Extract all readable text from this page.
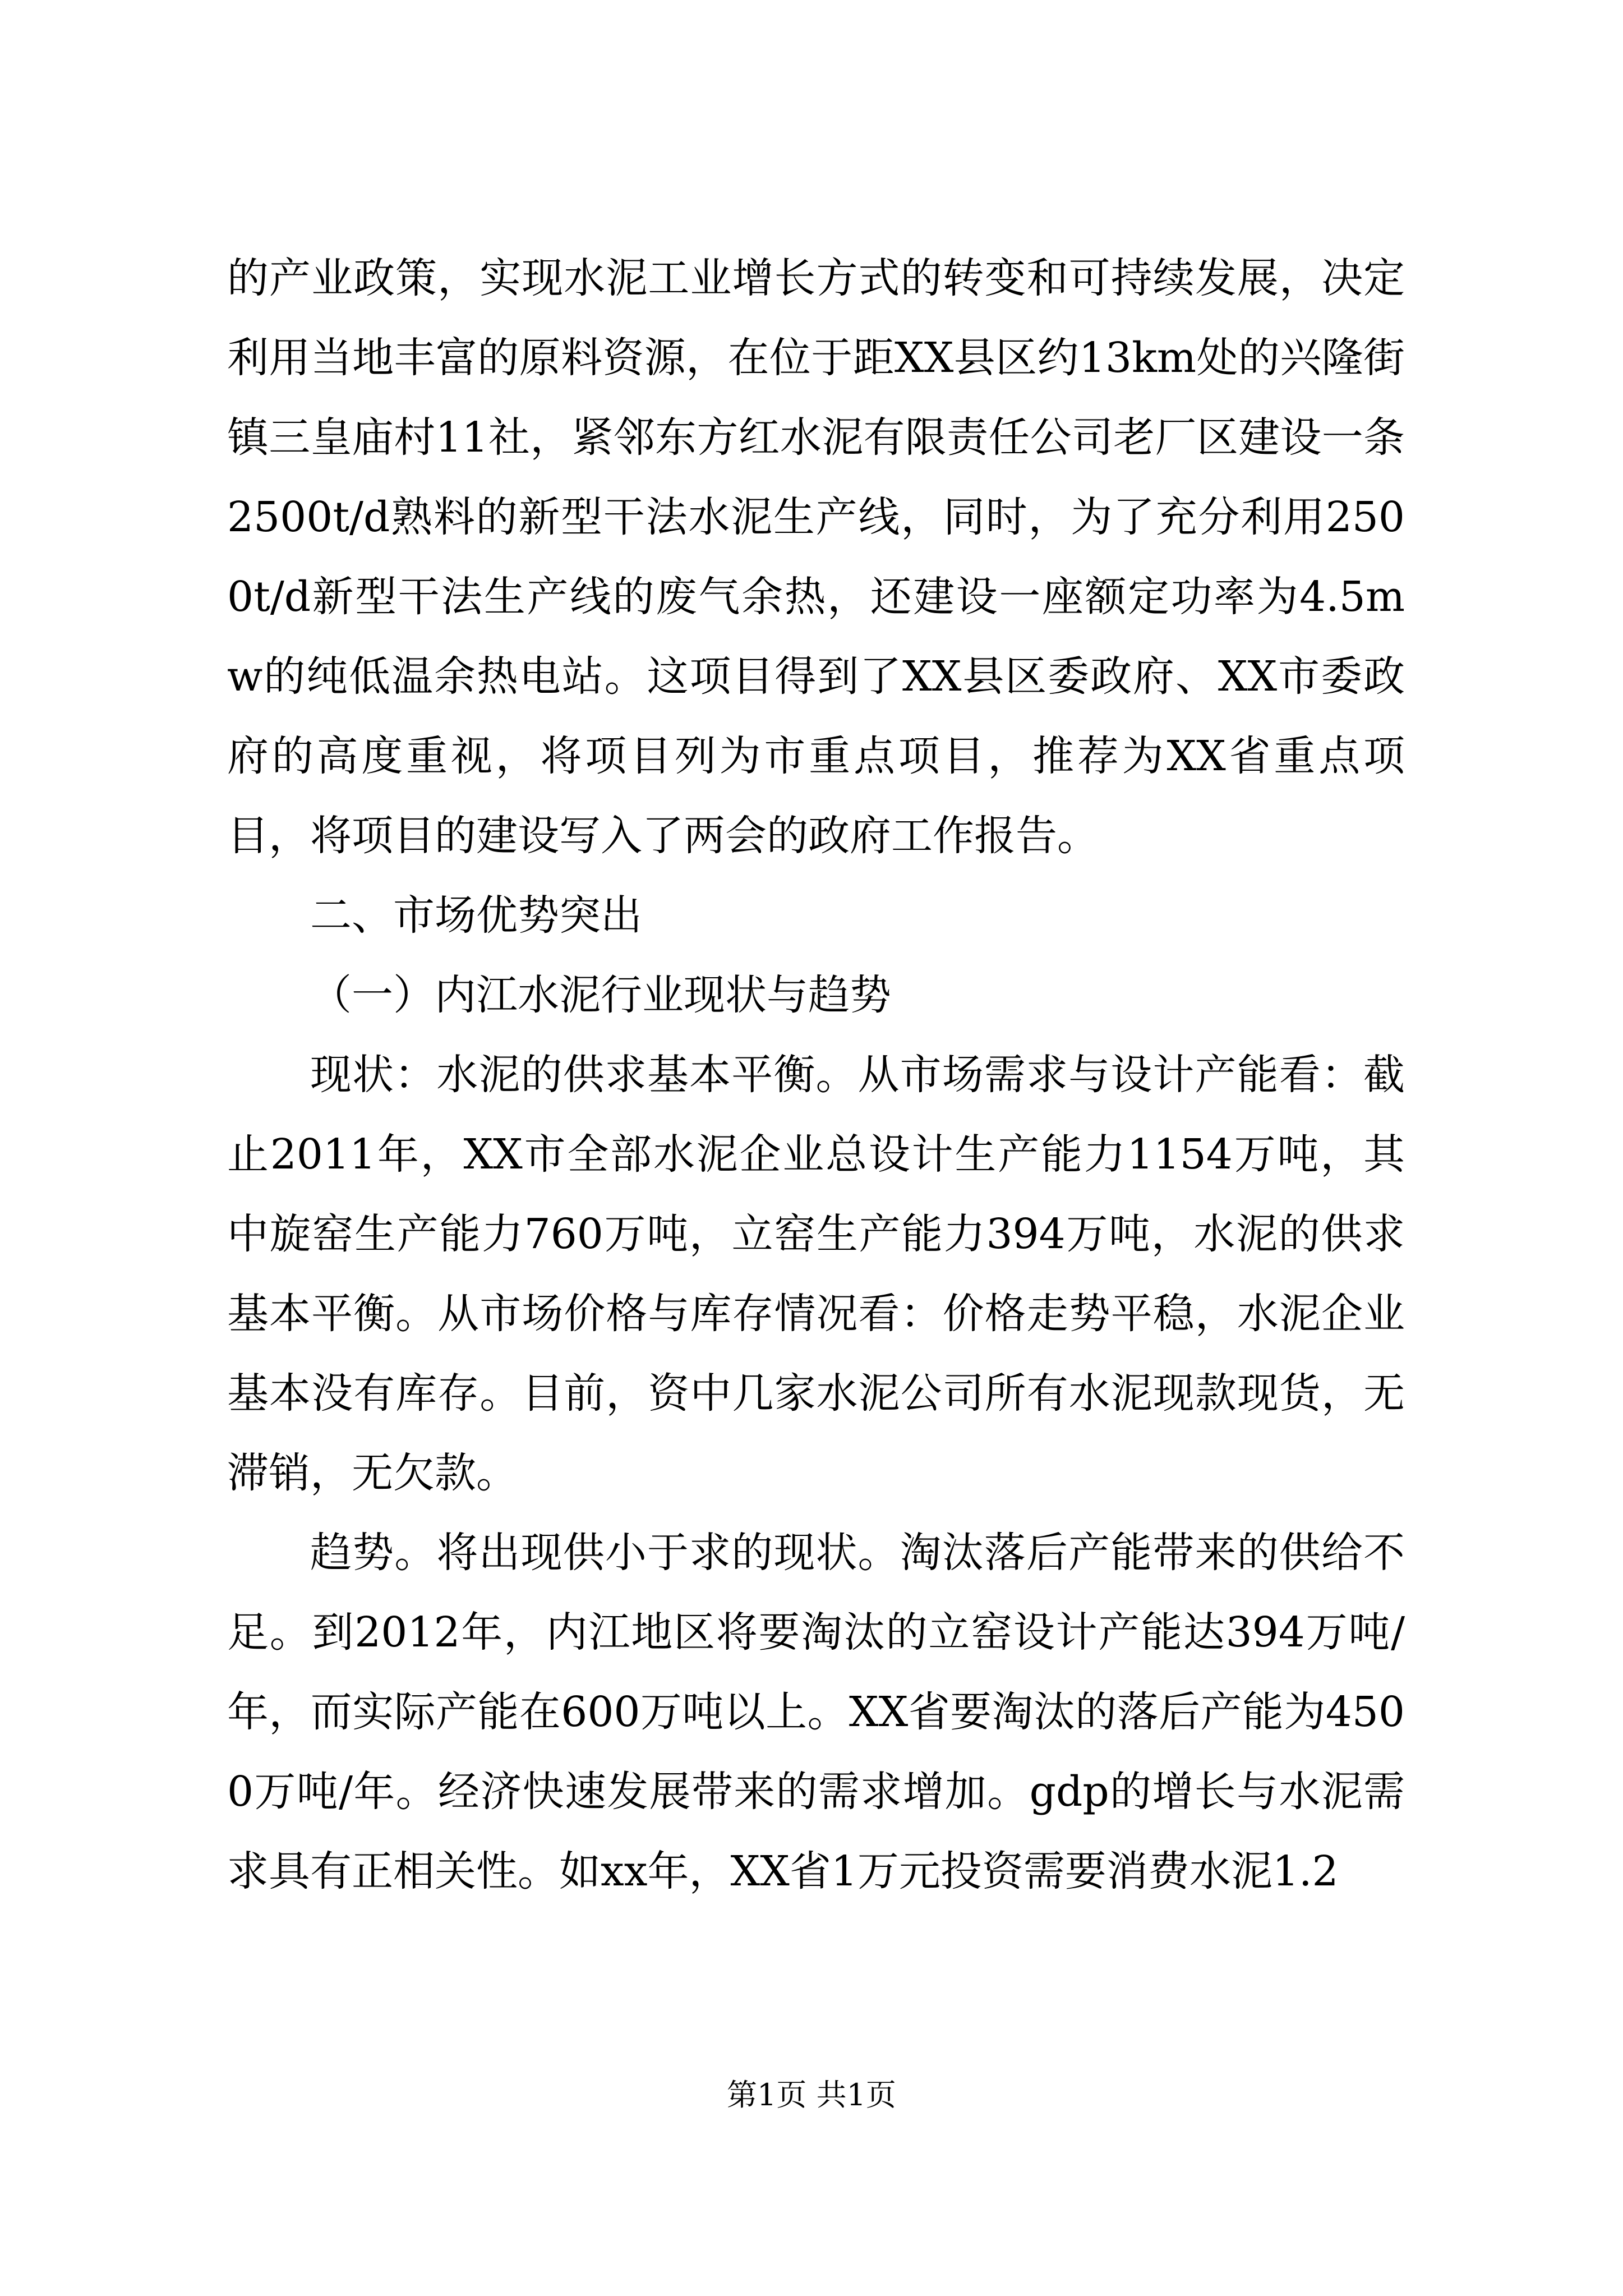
的产业政策，实现水泥工业增长方式的转变和可持续发展，决定利用当地丰富的原料资源，在位于距XX县区约13km处的兴隆街镇三皇庙村11社，紧邻东方红水泥有限责任公司老厂区建设一条2500t/d熟料的新型干法水泥生产线，同时，为了充分利用2500t/d新型干法生产线的废气余热，还建设一座额定功率为4.5mw的纯低温余热电站。这项目得到了XX县区委政府、XX市委政府的高度重视，将项目列为市重点项目，推荐为XX省重点项目，将项目的建设写入了两会的政府工作报告。

二、市场优势突出

（一）内江水泥行业现状与趋势

现状：水泥的供求基本平衡。从市场需求与设计产能看：截止2011年，XX市全部水泥企业总设计生产能力1154万吨，其中旋窑生产能力760万吨，立窑生产能力394万吨，水泥的供求基本平衡。从市场价格与库存情况看：价格走势平稳，水泥企业基本没有库存。目前，资中几家水泥公司所有水泥现款现货，无滞销，无欠款。

趋势。将出现供小于求的现状。淘汰落后产能带来的供给不足。到2012年，内江地区将要淘汰的立窑设计产能达394万吨/年，而实际产能在600万吨以上。XX省要淘汰的落后产能为4500万吨/年。经济快速发展带来的需求增加。gdp的增长与水泥需求具有正相关性。如xx年，XX省1万元投资需要消费水泥1.2

第1页 共1页
